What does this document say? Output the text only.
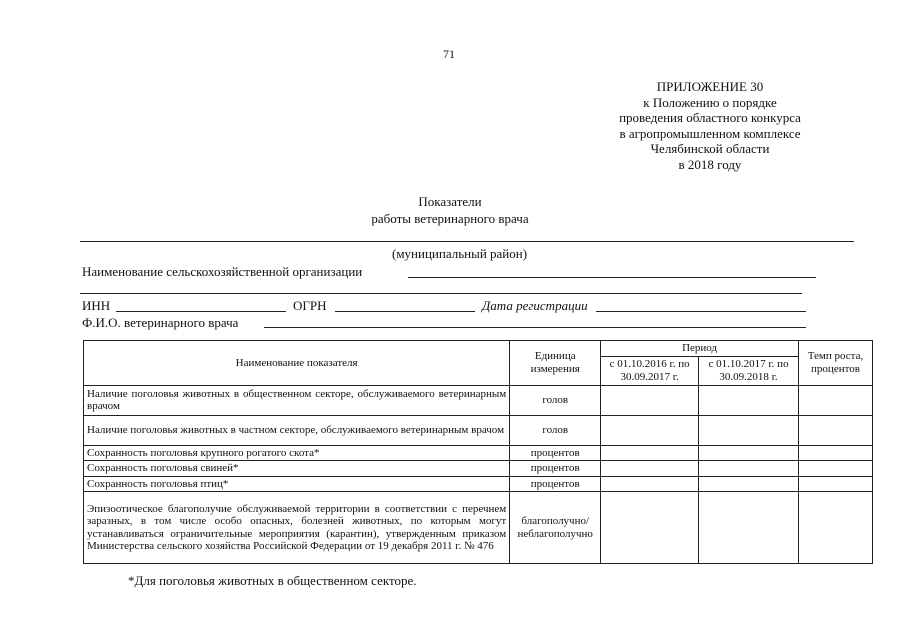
71
ПРИЛОЖЕНИЕ 30
к Положению о порядке
проведения областного конкурса
в агропромышленном комплексе
Челябинской области
в 2018 году
Показатели
работы ветеринарного врача
(муниципальный район)
Наименование сельскохозяйственной организации
ИНН	ОГРН	Дата регистрации
Ф.И.О. ветеринарного врача
Наименование показателя	Единица измерения	Период		Темп роста, процентов
		с 01.10.2016 г. по 30.09.2017 г.	с 01.10.2017 г. по 30.09.2018 г.	
Наличие поголовья животных в общественном секторе, обслуживаемого ветеринарным врачом	голов			
Наличие поголовья животных в частном секторе, обслуживаемого ветеринарным врачом	голов			
Сохранность поголовья крупного рогатого скота*	процентов			
Сохранность поголовья свиней*	процентов			
Сохранность поголовья птиц*	процентов			
Эпизоотическое благополучие обслуживаемой территории в соответствии с перечнем заразных, в том числе особо опасных, болезней животных, по которым могут устанавливаться ограничительные мероприятия (карантин), утвержденным приказом Министерства сельского хозяйства Российской Федерации от 19 декабря 2011 г. № 476	благополучно/ неблагополучно			
*Для поголовья животных в общественном секторе.
